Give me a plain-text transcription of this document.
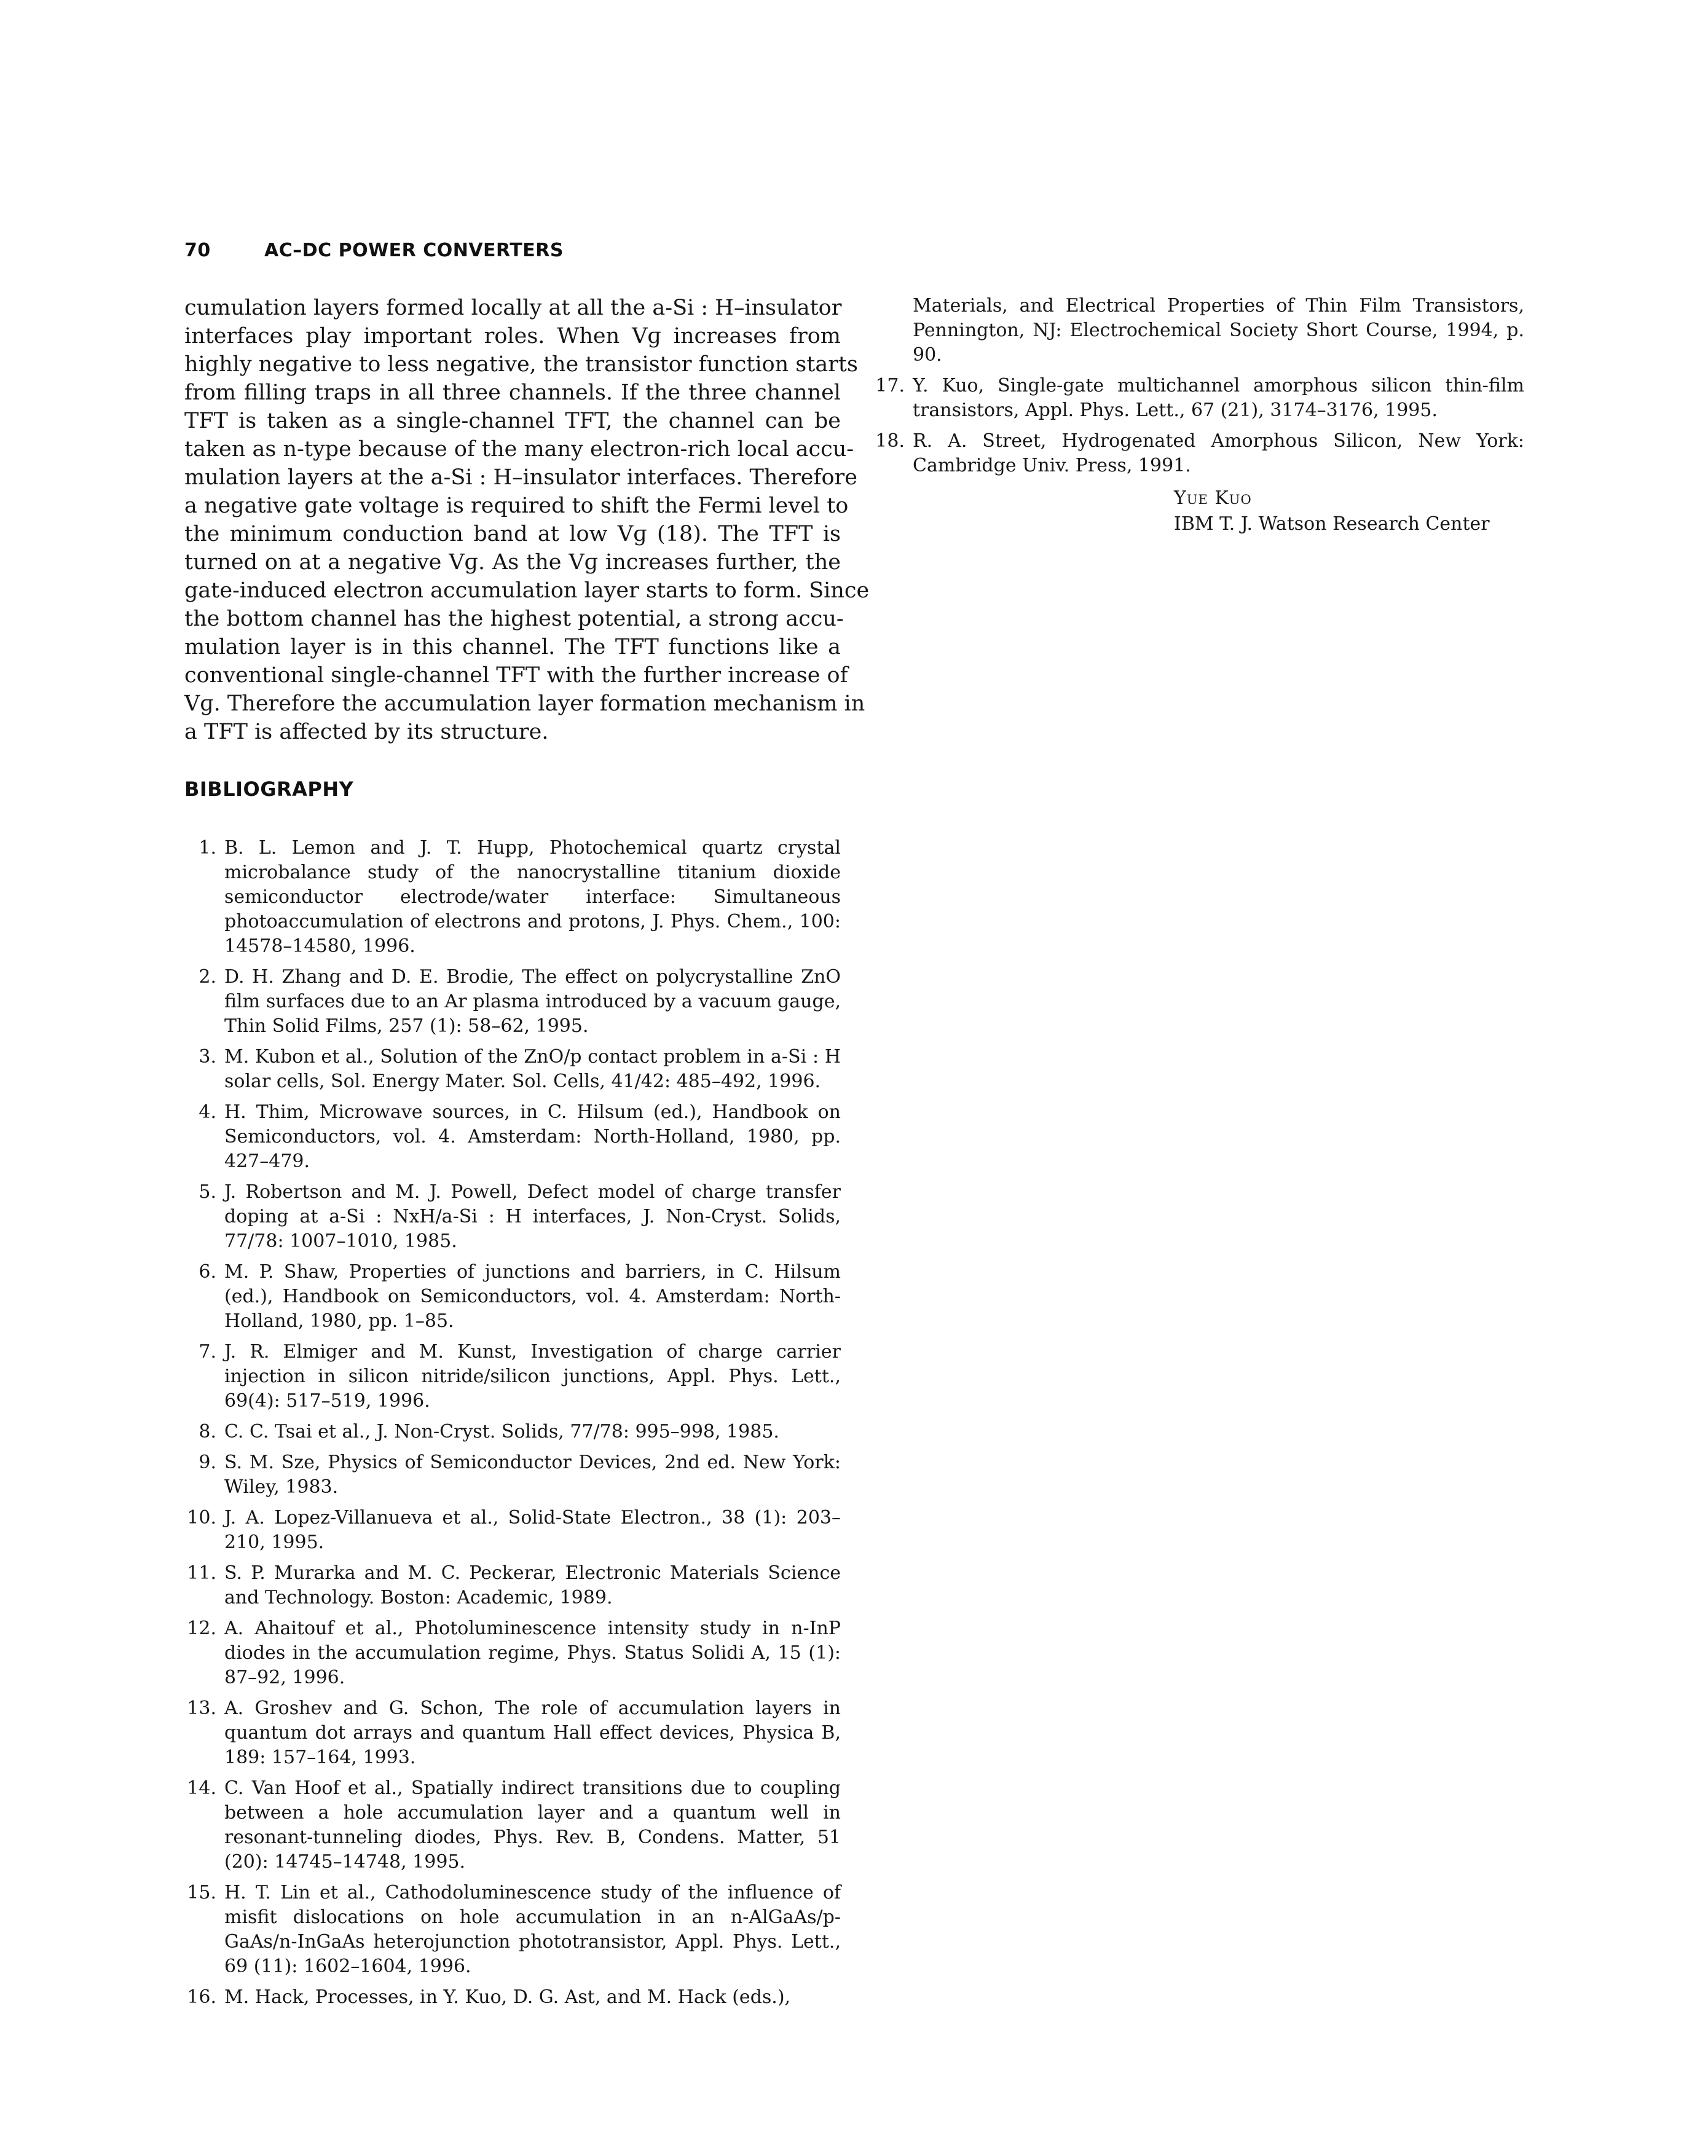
70	AC–DC POWER CONVERTERS

cumulation layers formed locally at all the a-Si : H–insulator
interfaces play important roles. When Vɡ increases from
highly negative to less negative, the transistor function starts
from filling traps in all three channels. If the three channel
TFT is taken as a single-channel TFT, the channel can be
taken as n-type because of the many electron-rich local accu-
mulation layers at the a-Si : H–insulator interfaces. Therefore
a negative gate voltage is required to shift the Fermi level to
the minimum conduction band at low Vɡ (18). The TFT is
turned on at a negative Vɡ. As the Vɡ increases further, the
gate-induced electron accumulation layer starts to form. Since
the bottom channel has the highest potential, a strong accu-
mulation layer is in this channel. The TFT functions like a
conventional single-channel TFT with the further increase of
Vɡ. Therefore the accumulation layer formation mechanism in
a TFT is affected by its structure.

BIBLIOGRAPHY
1. B. L. Lemon and J. T. Hupp, Photochemical quartz crystal microbalance study of the nanocrystalline titanium dioxide semiconductor electrode/water interface: Simultaneous photoaccumulation of electrons and protons, J. Phys. Chem., 100: 14578–14580, 1996.
2. D. H. Zhang and D. E. Brodie, The effect on polycrystalline ZnO film surfaces due to an Ar plasma introduced by a vacuum gauge, Thin Solid Films, 257 (1): 58–62, 1995.
3. M. Kubon et al., Solution of the ZnO/p contact problem in a-Si : H solar cells, Sol. Energy Mater. Sol. Cells, 41/42: 485–492, 1996.
4. H. Thim, Microwave sources, in C. Hilsum (ed.), Handbook on Semiconductors, vol. 4. Amsterdam: North-Holland, 1980, pp. 427–479.
5. J. Robertson and M. J. Powell, Defect model of charge transfer doping at a-Si : NxH/a-Si : H interfaces, J. Non-Cryst. Solids, 77/78: 1007–1010, 1985.
6. M. P. Shaw, Properties of junctions and barriers, in C. Hilsum (ed.), Handbook on Semiconductors, vol. 4. Amsterdam: North-Holland, 1980, pp. 1–85.
7. J. R. Elmiger and M. Kunst, Investigation of charge carrier injection in silicon nitride/silicon junctions, Appl. Phys. Lett., 69(4): 517–519, 1996.
8. C. C. Tsai et al., J. Non-Cryst. Solids, 77/78: 995–998, 1985.
9. S. M. Sze, Physics of Semiconductor Devices, 2nd ed. New York: Wiley, 1983.
10. J. A. Lopez-Villanueva et al., Solid-State Electron., 38 (1): 203–210, 1995.
11. S. P. Murarka and M. C. Peckerar, Electronic Materials Science and Technology. Boston: Academic, 1989.
12. A. Ahaitouf et al., Photoluminescence intensity study in n-InP diodes in the accumulation regime, Phys. Status Solidi A, 15 (1): 87–92, 1996.
13. A. Groshev and G. Schon, The role of accumulation layers in quantum dot arrays and quantum Hall effect devices, Physica B, 189: 157–164, 1993.
14. C. Van Hoof et al., Spatially indirect transitions due to coupling between a hole accumulation layer and a quantum well in resonant-tunneling diodes, Phys. Rev. B, Condens. Matter, 51 (20): 14745–14748, 1995.
15. H. T. Lin et al., Cathodoluminescence study of the influence of misfit dislocations on hole accumulation in an n-AlGaAs/p-GaAs/n-InGaAs heterojunction phototransistor, Appl. Phys. Lett., 69 (11): 1602–1604, 1996.
16. M. Hack, Processes, in Y. Kuo, D. G. Ast, and M. Hack (eds.),
Materials, and Electrical Properties of Thin Film Transistors, Pennington, NJ: Electrochemical Society Short Course, 1994, p. 90.
17. Y. Kuo, Single-gate multichannel amorphous silicon thin-film transistors, Appl. Phys. Lett., 67 (21), 3174–3176, 1995.
18. R. A. Street, Hydrogenated Amorphous Silicon, New York: Cambridge Univ. Press, 1991.
Yue Kuo
IBM T. J. Watson Research Center
